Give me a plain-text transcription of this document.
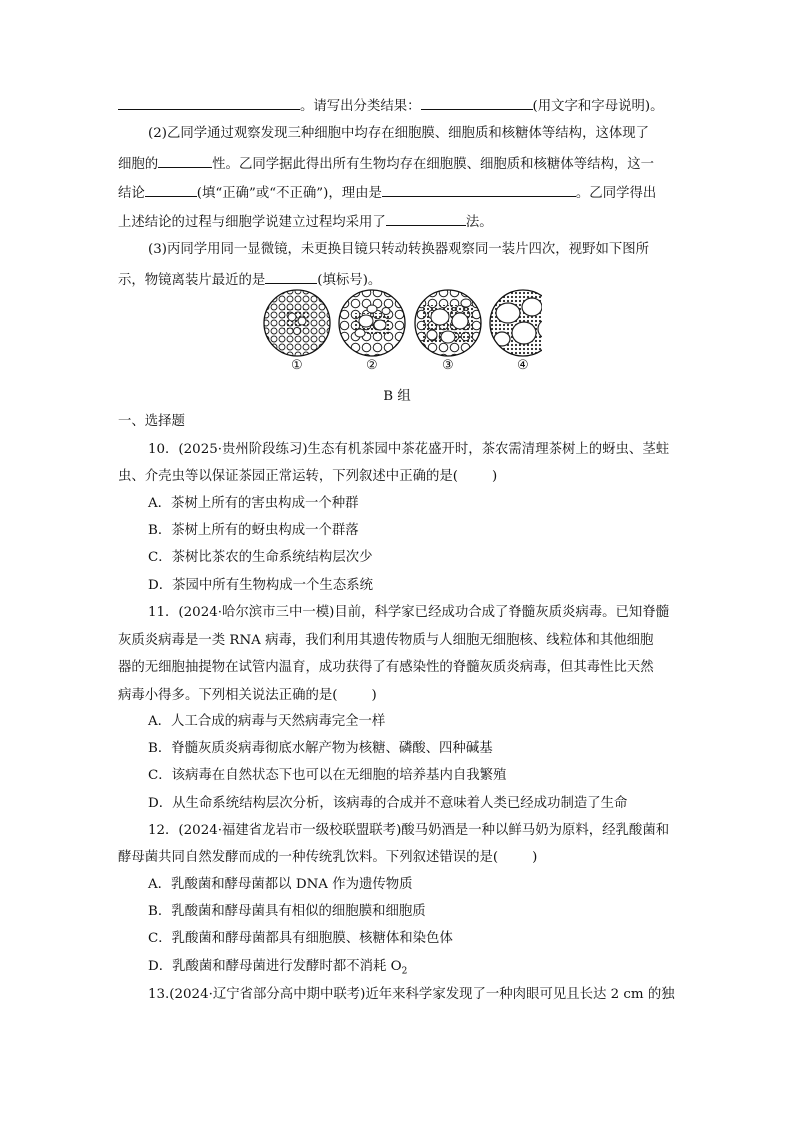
。请写出分类结果：	(用文字和字母说明)。
(2)乙同学通过观察发现三种细胞中均存在细胞膜、细胞质和核糖体等结构，这体现了
细胞的	性。乙同学据此得出所有生物均存在细胞膜、细胞质和核糖体等结构，这一
结论	(填“正确”或“不正确”)，理由是	。乙同学得出
上述结论的过程与细胞学说建立过程均采用了	法。
(3)丙同学用同一显微镜，未更换目镜只转动转换器观察同一装片四次，视野如下图所
示，物镜离装片最近的是	(填标号)。
①	②	③	④
B 组
一、选择题
10．(2025·贵州阶段练习)生态有机茶园中茶花盛开时，茶农需清理茶树上的蚜虫、茎蛀
虫、介壳虫等以保证茶园正常运转，下列叙述中正确的是(	)
A．茶树上所有的害虫构成一个种群
B．茶树上所有的蚜虫构成一个群落
C．茶树比茶农的生命系统结构层次少
D．茶园中所有生物构成一个生态系统
11．(2024·哈尔滨市三中一模)目前，科学家已经成功合成了脊髓灰质炎病毒。已知脊髓
灰质炎病毒是一类 RNA 病毒，我们利用其遗传物质与人细胞无细胞核、线粒体和其他细胞
器的无细胞抽提物在试管内温育，成功获得了有感染性的脊髓灰质炎病毒，但其毒性比天然
病毒小得多。下列相关说法正确的是(	)
A．人工合成的病毒与天然病毒完全一样
B．脊髓灰质炎病毒彻底水解产物为核糖、磷酸、四种碱基
C．该病毒在自然状态下也可以在无细胞的培养基内自我繁殖
D．从生命系统结构层次分析，该病毒的合成并不意味着人类已经成功制造了生命
12．(2024·福建省龙岩市一级校联盟联考)酸马奶酒是一种以鲜马奶为原料，经乳酸菌和
酵母菌共同自然发酵而成的一种传统乳饮料。下列叙述错误的是(	)
A．乳酸菌和酵母菌都以 DNA 作为遗传物质
B．乳酸菌和酵母菌具有相似的细胞膜和细胞质
C．乳酸菌和酵母菌都具有细胞膜、核糖体和染色体
D．乳酸菌和酵母菌进行发酵时都不消耗 $O_2$
13.(2024·辽宁省部分高中期中联考)近年来科学家发现了一种肉眼可见且长达 2 cm 的独
